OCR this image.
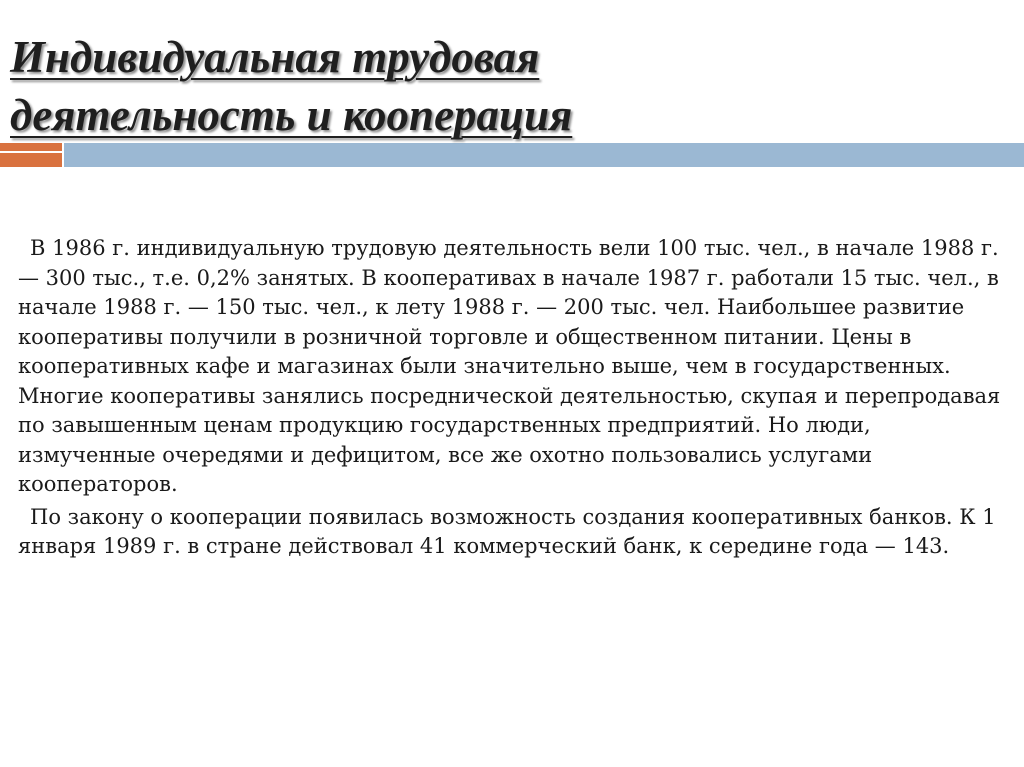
Индивидуальная трудовая
деятельность и кооперация

В 1986 г. индивидуальную трудовую деятельность вели 100 тыс. чел., в начале 1988 г. — 300 тыс., т.е. 0,2% занятых. В кооперативах в начале 1987 г. работали 15 тыс. чел., в начале 1988 г. — 150 тыс. чел., к лету 1988 г. — 200 тыс. чел. Наибольшее развитие кооперативы получили в розничной торговле и общественном питании. Цены в кооперативных кафе и магазинах были значительно выше, чем в государственных. Многие кооперативы занялись посреднической деятельностью, скупая и перепродавая по завышенным ценам продукцию государственных предприятий. Но люди, измученные очередями и дефицитом, все же охотно пользовались услугами кооператоров.

По закону о кооперации появилась возможность создания кооперативных банков. К 1 января 1989 г. в стране действовал 41 коммерческий банк, к середине года — 143.
